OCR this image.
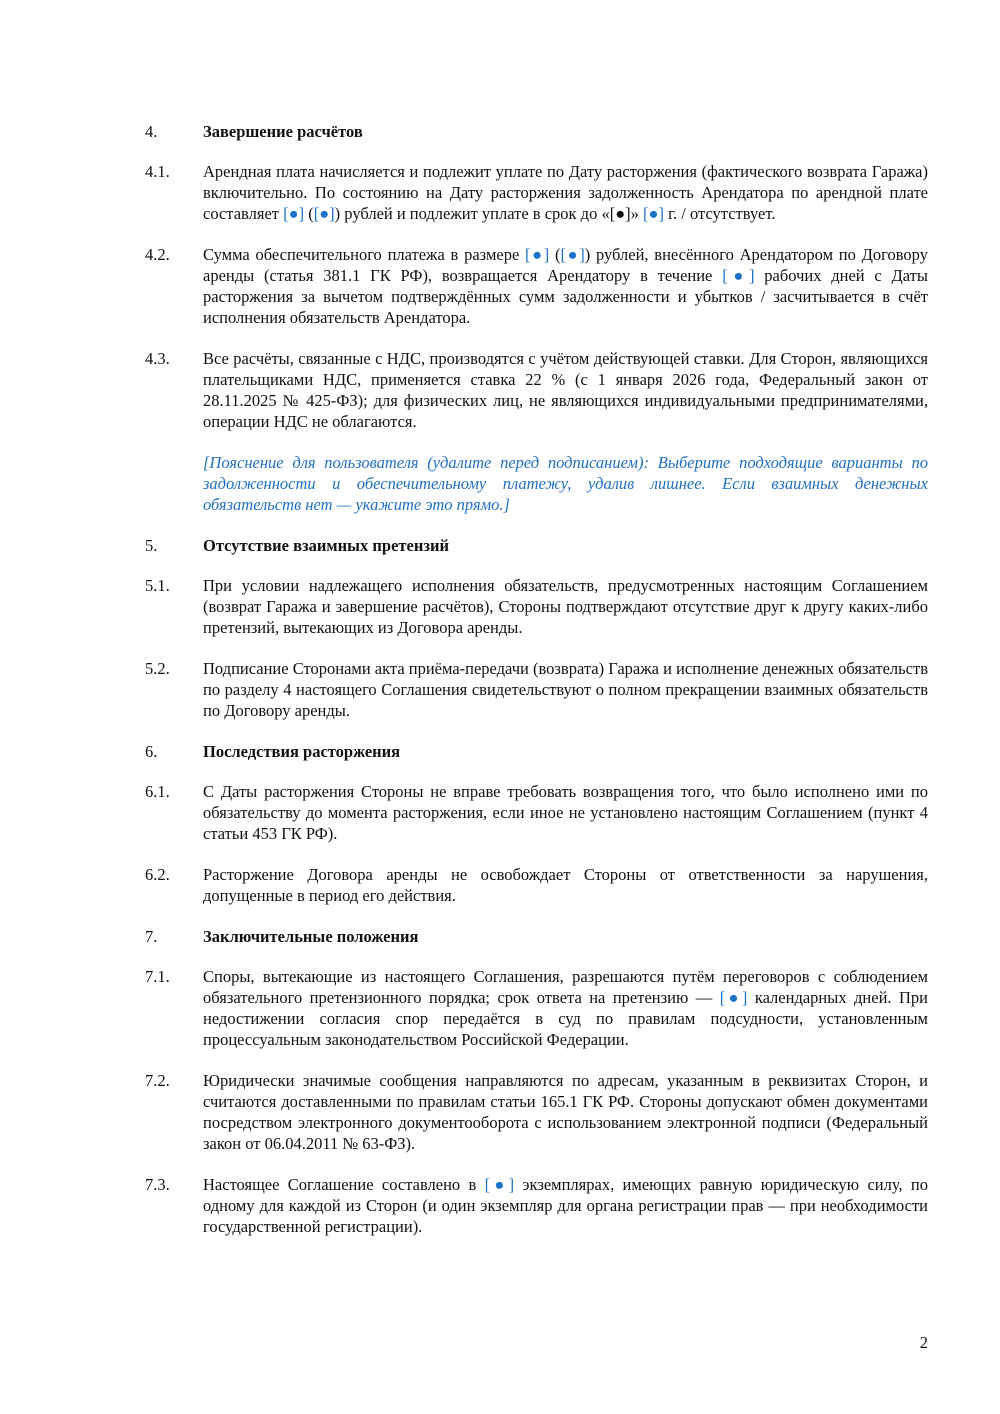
4.	Завершение расчётов
4.1.	Арендная плата начисляется и подлежит уплате по Дату расторжения (фактического возврата Гаража) включительно. По состоянию на Дату расторжения задолженность Арендатора по арендной плате составляет [●] ([●]) рублей и подлежит уплате в срок до «[●]» [●] г. / отсутствует.
4.2.	Сумма обеспечительного платежа в размере [●] ([●]) рублей, внесённого Арендатором по Договору аренды (статья 381.1 ГК РФ), возвращается Арендатору в течение [●] рабочих дней с Даты расторжения за вычетом подтверждённых сумм задолженности и убытков / засчитывается в счёт исполнения обязательств Арендатора.
4.3.	Все расчёты, связанные с НДС, производятся с учётом действующей ставки. Для Сторон, являющихся плательщиками НДС, применяется ставка 22 % (с 1 января 2026 года, Федеральный закон от 28.11.2025 № 425-ФЗ); для физических лиц, не являющихся индивидуальными предпринимателями, операции НДС не облагаются.
[Пояснение для пользователя (удалите перед подписанием): Выберите подходящие варианты по задолженности и обеспечительному платежу, удалив лишнее. Если взаимных денежных обязательств нет — укажите это прямо.]
5.	Отсутствие взаимных претензий
5.1.	При условии надлежащего исполнения обязательств, предусмотренных настоящим Соглашением (возврат Гаража и завершение расчётов), Стороны подтверждают отсутствие друг к другу каких-либо претензий, вытекающих из Договора аренды.
5.2.	Подписание Сторонами акта приёма-передачи (возврата) Гаража и исполнение денежных обязательств по разделу 4 настоящего Соглашения свидетельствуют о полном прекращении взаимных обязательств по Договору аренды.
6.	Последствия расторжения
6.1.	С Даты расторжения Стороны не вправе требовать возвращения того, что было исполнено ими по обязательству до момента расторжения, если иное не установлено настоящим Соглашением (пункт 4 статьи 453 ГК РФ).
6.2.	Расторжение Договора аренды не освобождает Стороны от ответственности за нарушения, допущенные в период его действия.
7.	Заключительные положения
7.1.	Споры, вытекающие из настоящего Соглашения, разрешаются путём переговоров с соблюдением обязательного претензионного порядка; срок ответа на претензию — [●] календарных дней. При недостижении согласия спор передаётся в суд по правилам подсудности, установленным процессуальным законодательством Российской Федерации.
7.2.	Юридически значимые сообщения направляются по адресам, указанным в реквизитах Сторон, и считаются доставленными по правилам статьи 165.1 ГК РФ. Стороны допускают обмен документами посредством электронного документооборота с использованием электронной подписи (Федеральный закон от 06.04.2011 № 63-ФЗ).
7.3.	Настоящее Соглашение составлено в [●] экземплярах, имеющих равную юридическую силу, по одному для каждой из Сторон (и один экземпляр для органа регистрации прав — при необходимости государственной регистрации).
2
